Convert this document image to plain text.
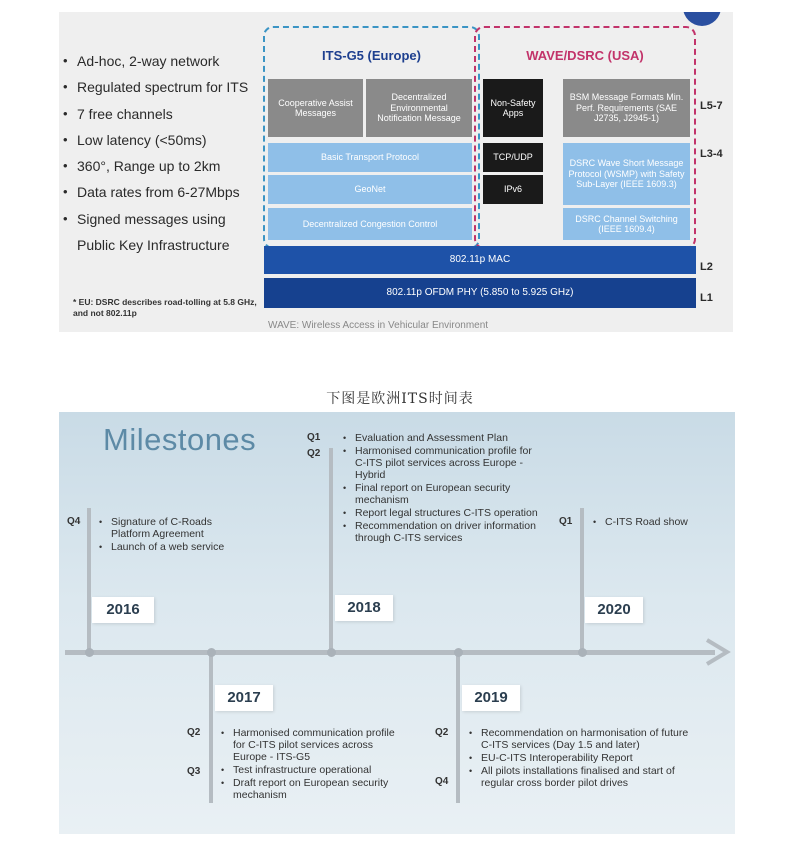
• Ad-hoc, 2-way network
• Regulated spectrum for ITS
• 7 free channels
• Low latency (<50ms)
• 360°, Range up to 2km
• Data rates from 6-27Mbps
• Signed messages using
Public Key Infrastructure
* EU: DSRC describes road-tolling at 5.8 GHz, and not 802.11p
ITS-G5 (Europe)	WAVE/DSRC (USA)
Cooperative Assist Messages
Decentralized Environmental Notification Message
Non-Safety Apps
BSM Message Formats Min. Perf. Requirements (SAE J2735, J2945-1)
Basic Transport Protocol	TCP/UDP
DSRC Wave Short Message Protocol (WSMP) with Safety Sub-Layer (IEEE 1609.3)
GeoNet	IPv6
Decentralized Congestion Control
DSRC Channel Switching (IEEE 1609.4)
802.11p MAC
802.11p OFDM PHY (5.850 to 5.925 GHz)
L5-7
L3-4
L2
L1
WAVE: Wireless Access in Vehicular Environment
下图是欧洲ITS时间表
Milestones
Q4	• Signature of C-Roads Platform Agreement
• Launch of a web service
2016
Q1
Q2
• Evaluation and Assessment Plan
• Harmonised communication profile for C-ITS pilot services across Europe - Hybrid
• Final report on European security mechanism
• Report legal structures C-ITS operation
• Recommendation on driver information through C-ITS services
2018
Q1	• C-ITS Road show
2020
2017
Q2
Q3
• Harmonised communication profile for C-ITS pilot services across Europe - ITS-G5
• Test infrastructure operational
• Draft report on European security mechanism
2019
Q2
Q4
• Recommendation on harmonisation of future C-ITS services (Day 1.5 and later)
• EU-C-ITS Interoperability Report
• All pilots installations finalised and start of regular cross border pilot drives
